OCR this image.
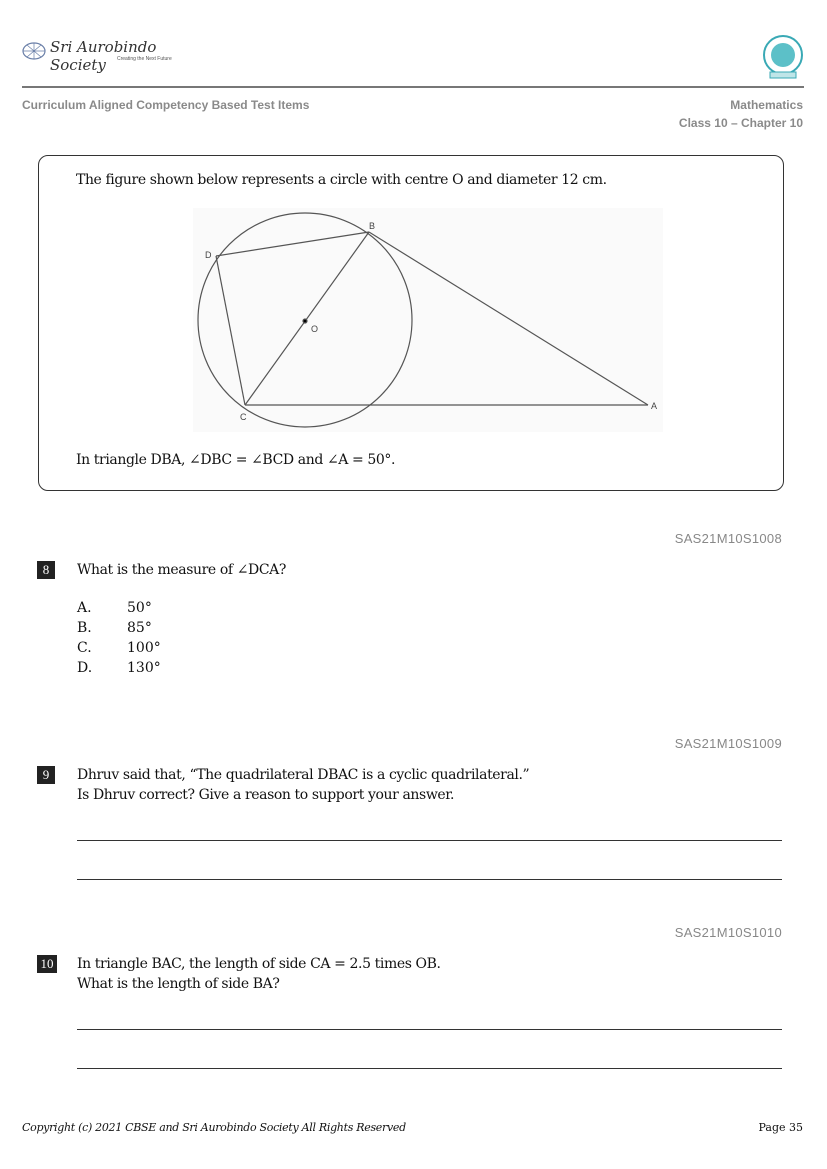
Sri Aurobindo Society	Creating the Next Future
Curriculum Aligned Competency Based Test Items	Mathematics
Class 10 – Chapter 10
The figure shown below represents a circle with centre O and diameter 12 cm.
B
D
O
C
A
In triangle DBA, ∠DBC = ∠BCD and ∠A = 50°.
SAS21M10S1008
8	What is the measure of ∠DCA?
A.	50°
B.	85°
C.	100°
D. 130°
SAS21M10S1009
9	Dhruv said that, “The quadrilateral DBAC is a cyclic quadrilateral.”
Is Dhruv correct? Give a reason to support your answer.
SAS21M10S1010
10 In triangle BAC, the length of side CA = 2.5 times OB.
What is the length of side BA?
Copyright (c) 2021 CBSE and Sri Aurobindo Society All Rights Reserved	Page 35
